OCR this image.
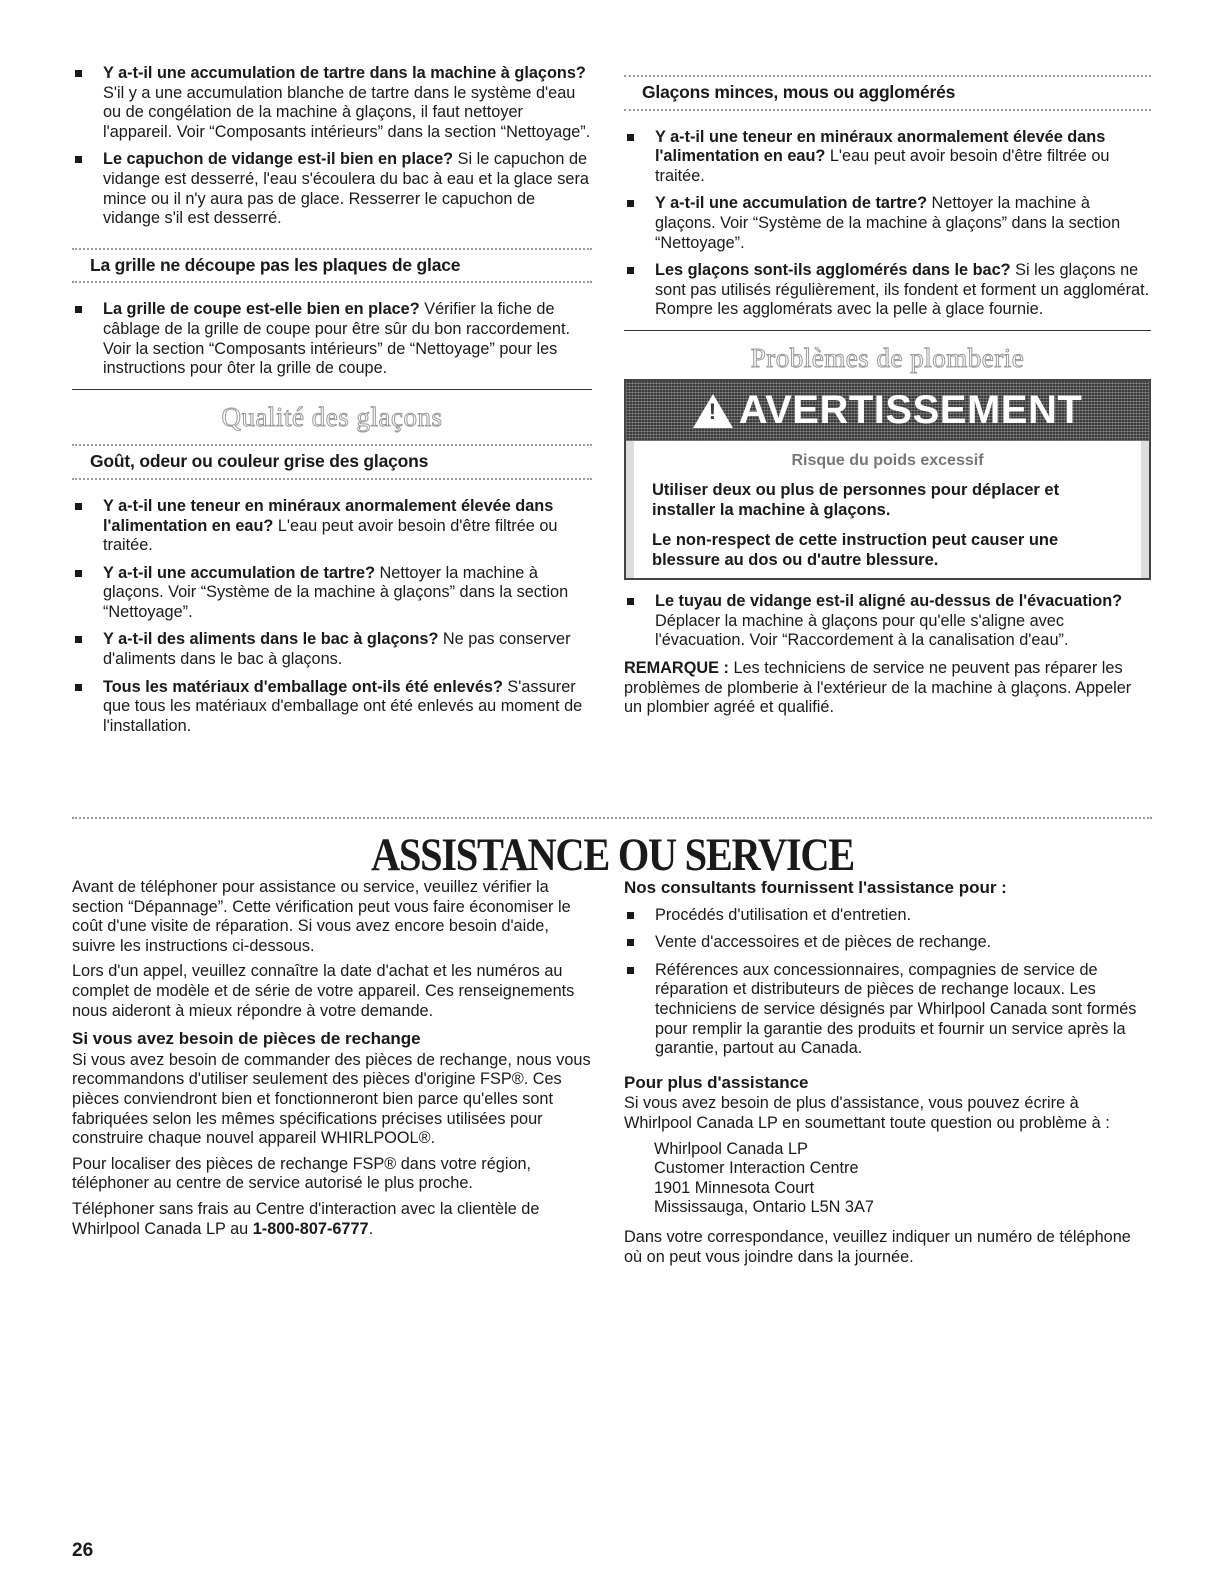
Y a-t-il une accumulation de tartre dans la machine à glaçons? S'il y a une accumulation blanche de tartre dans le système d'eau ou de congélation de la machine à glaçons, il faut nettoyer l'appareil. Voir “Composants intérieurs” dans la section “Nettoyage”.
Le capuchon de vidange est-il bien en place? Si le capuchon de vidange est desserré, l'eau s'écoulera du bac à eau et la glace sera mince ou il n'y aura pas de glace. Resserrer le capuchon de vidange s'il est desserré.
La grille ne découpe pas les plaques de glace
La grille de coupe est-elle bien en place? Vérifier la fiche de câblage de la grille de coupe pour être sûr du bon raccordement. Voir la section “Composants intérieurs” de “Nettoyage” pour les instructions pour ôter la grille de coupe.
Qualité des glaçons
Goût, odeur ou couleur grise des glaçons
Y a-t-il une teneur en minéraux anormalement élevée dans l'alimentation en eau? L'eau peut avoir besoin d'être filtrée ou traitée.
Y a-t-il une accumulation de tartre? Nettoyer la machine à glaçons. Voir “Système de la machine à glaçons” dans la section “Nettoyage”.
Y a-t-il des aliments dans le bac à glaçons? Ne pas conserver d'aliments dans le bac à glaçons.
Tous les matériaux d'emballage ont-ils été enlevés? S'assurer que tous les matériaux d'emballage ont été enlevés au moment de l'installation.
Glaçons minces, mous ou agglomérés
Y a-t-il une teneur en minéraux anormalement élevée dans l'alimentation en eau? L'eau peut avoir besoin d'être filtrée ou traitée.
Y a-t-il une accumulation de tartre? Nettoyer la machine à glaçons. Voir “Système de la machine à glaçons” dans la section “Nettoyage”.
Les glaçons sont-ils agglomérés dans le bac? Si les glaçons ne sont pas utilisés régulièrement, ils fondent et forment un agglomérat. Rompre les agglomérats avec la pelle à glace fournie.
Problèmes de plomberie
! AVERTISSEMENT
Risque du poids excessif
Utiliser deux ou plus de personnes pour déplacer et installer la machine à glaçons.
Le non-respect de cette instruction peut causer une blessure au dos ou d'autre blessure.
Le tuyau de vidange est-il aligné au-dessus de l'évacuation? Déplacer la machine à glaçons pour qu'elle s'aligne avec l'évacuation. Voir “Raccordement à la canalisation d'eau”.
REMARQUE : Les techniciens de service ne peuvent pas réparer les problèmes de plomberie à l'extérieur de la machine à glaçons. Appeler un plombier agréé et qualifié.
ASSISTANCE OU SERVICE

Avant de téléphoner pour assistance ou service, veuillez vérifier la section “Dépannage”. Cette vérification peut vous faire économiser le coût d'une visite de réparation. Si vous avez encore besoin d'aide, suivre les instructions ci-dessous.

Lors d'un appel, veuillez connaître la date d'achat et les numéros au complet de modèle et de série de votre appareil. Ces renseignements nous aideront à mieux répondre à votre demande.

Si vous avez besoin de pièces de rechange

Si vous avez besoin de commander des pièces de rechange, nous vous recommandons d'utiliser seulement des pièces d'origine FSP®. Ces pièces conviendront bien et fonctionneront bien parce qu'elles sont fabriquées selon les mêmes spécifications précises utilisées pour construire chaque nouvel appareil WHIRLPOOL®.

Pour localiser des pièces de rechange FSP® dans votre région, téléphoner au centre de service autorisé le plus proche.

Téléphoner sans frais au Centre d'interaction avec la clientèle de Whirlpool Canada LP au 1-800-807-6777.

Nos consultants fournissent l'assistance pour :
Procédés d'utilisation et d'entretien.
Vente d'accessoires et de pièces de rechange.
Références aux concessionnaires, compagnies de service de réparation et distributeurs de pièces de rechange locaux. Les techniciens de service désignés par Whirlpool Canada sont formés pour remplir la garantie des produits et fournir un service après la garantie, partout au Canada.
Pour plus d'assistance

Si vous avez besoin de plus d'assistance, vous pouvez écrire à Whirlpool Canada LP en soumettant toute question ou problème à :

Whirlpool Canada LP
Customer Interaction Centre
1901 Minnesota Court
Mississauga, Ontario L5N 3A7

Dans votre correspondance, veuillez indiquer un numéro de téléphone où on peut vous joindre dans la journée.

26
